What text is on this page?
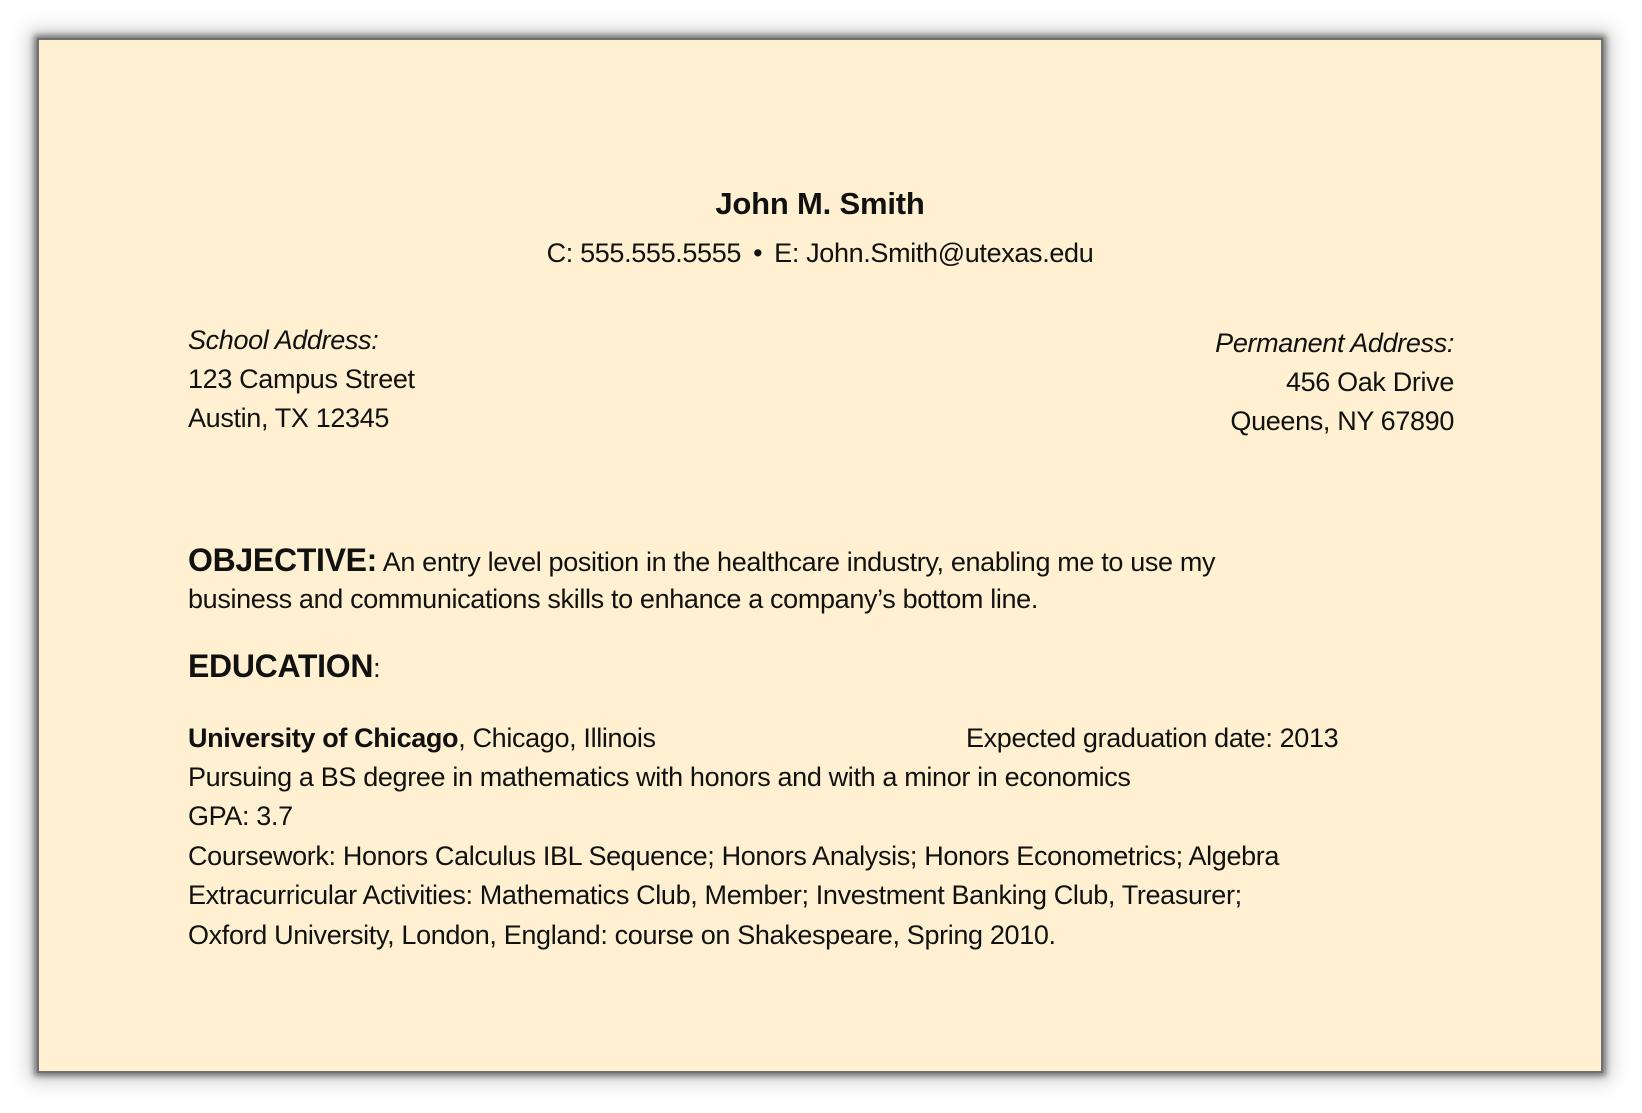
John M. Smith
C: 555.555.5555 • E: John.Smith@utexas.edu
School Address:
123 Campus Street
Austin, TX 12345
Permanent Address:
456 Oak Drive
Queens, NY 67890
OBJECTIVE: An entry level position in the healthcare industry, enabling me to use my
business and communications skills to enhance a company’s bottom line.
EDUCATION:
University of Chicago, Chicago, Illinois	Expected graduation date: 2013
Pursuing a BS degree in mathematics with honors and with a minor in economics
GPA: 3.7
Coursework: Honors Calculus IBL Sequence; Honors Analysis; Honors Econometrics; Algebra
Extracurricular Activities: Mathematics Club, Member; Investment Banking Club, Treasurer;
Oxford University, London, England: course on Shakespeare, Spring 2010.
